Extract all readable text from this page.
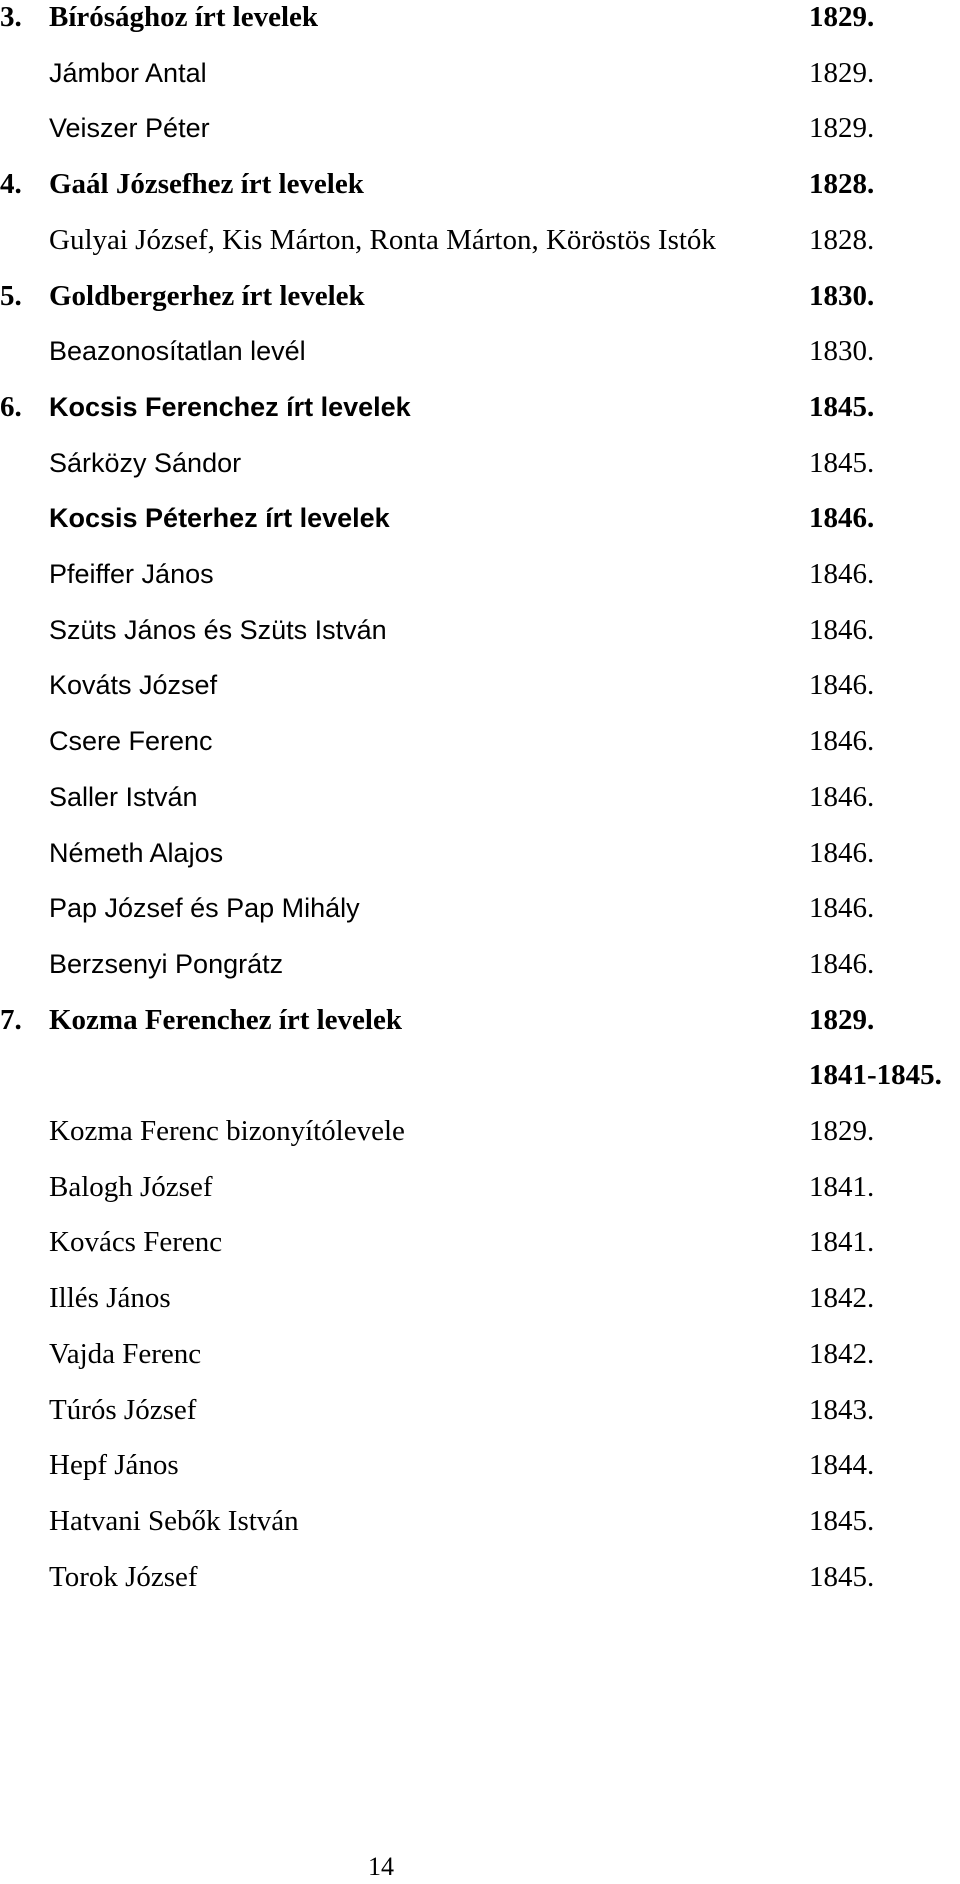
3. Bírósághoz írt levelek	1829.
Jámbor Antal	1829.
Veiszer Péter	1829.
4. Gaál Józsefhez írt levelek	1828.
Gulyai József, Kis Márton, Ronta Márton, Köröstös Istók	1828.
5. Goldbergerhez írt levelek	1830.
Beazonosítatlan levél	1830.
6. Kocsis Ferenchez írt levelek	1845.
Sárközy Sándor	1845.
Kocsis Péterhez írt levelek	1846.
Pfeiffer János	1846.
Szüts János és Szüts István	1846.
Kováts József	1846.
Csere Ferenc	1846.
Saller István	1846.
Németh Alajos	1846.
Pap József és Pap Mihály	1846.
Berzsenyi Pongrátz	1846.
7. Kozma Ferenchez írt levelek	1829.
1841-1845.
Kozma Ferenc bizonyítólevele	1829.
Balogh József	1841.
Kovács Ferenc	1841.
Illés János	1842.
Vajda Ferenc	1842.
Túrós József	1843.
Hepf János	1844.
Hatvani Sebők István	1845.
Torok József	1845.
14
